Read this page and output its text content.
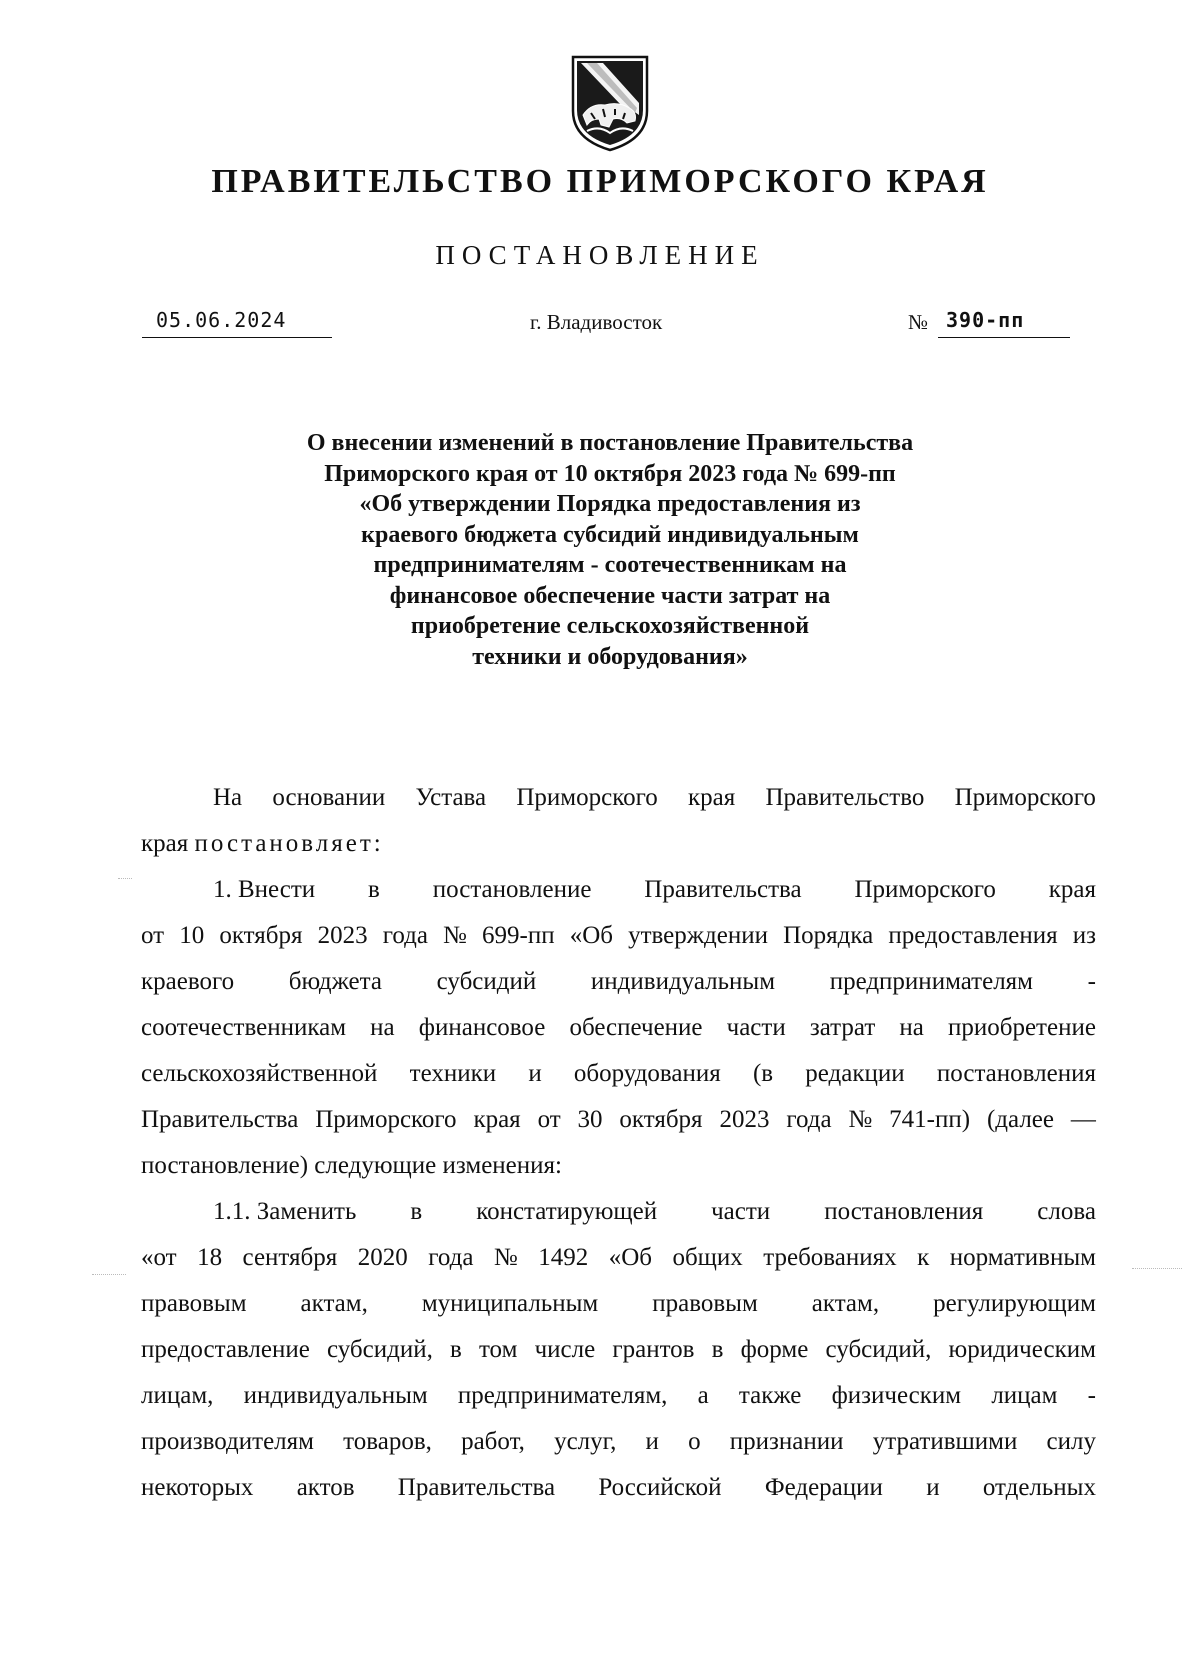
ПРАВИТЕЛЬСТВО ПРИМОРСКОГО КРАЯ
ПОСТАНОВЛЕНИЕ
05.06.2024	г. Владивосток	№ 390-пп
О внесении изменений в постановление Правительства
Приморского края от 10 октября 2023 года № 699-пп
«Об утверждении Порядка предоставления из
краевого бюджета субсидий индивидуальным
предпринимателям - соотечественникам на
финансовое обеспечение части затрат на
приобретение сельскохозяйственной
техники и оборудования»
На основании Устава Приморского края Правительство Приморского
края постановляет:
1. Внести в постановление Правительства Приморского края
от 10 октября 2023 года № 699-пп «Об утверждении Порядка предоставления из
краевого бюджета субсидий индивидуальным предпринимателям -
соотечественникам на финансовое обеспечение части затрат на приобретение
сельскохозяйственной техники и оборудования (в редакции постановления
Правительства Приморского края от 30 октября 2023 года № 741-пп) (далее —
постановление) следующие изменения:
1.1. Заменить в констатирующей части постановления слова
«от 18 сентября 2020 года № 1492 «Об общих требованиях к нормативным
правовым актам, муниципальным правовым актам, регулирующим
предоставление субсидий, в том числе грантов в форме субсидий, юридическим
лицам, индивидуальным предпринимателям, а также физическим лицам -
производителям товаров, работ, услуг, и о признании утратившими силу
некоторых актов Правительства Российской Федерации и отдельных
